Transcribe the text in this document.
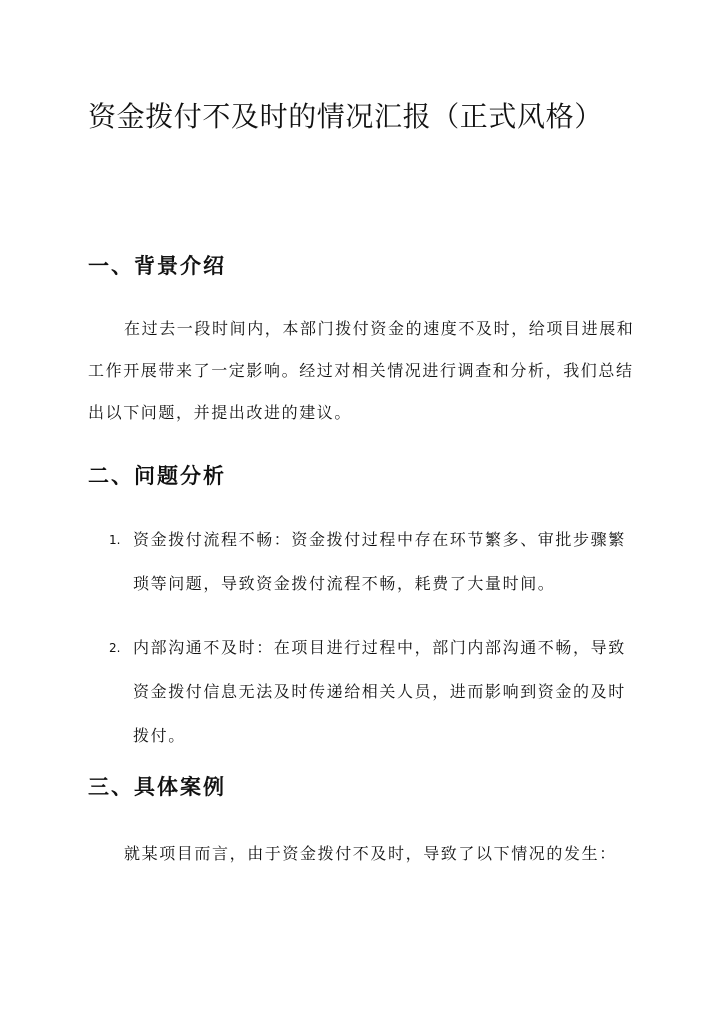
资金拨付不及时的情况汇报（正式风格）
一、背景介绍

在过去一段时间内，本部门拨付资金的速度不及时，给项目进展和工作开展带来了一定影响。经过对相关情况进行调查和分析，我们总结出以下问题，并提出改进的建议。

二、问题分析
1. 资金拨付流程不畅：资金拨付过程中存在环节繁多、审批步骤繁琐等问题，导致资金拨付流程不畅，耗费了大量时间。
2. 内部沟通不及时：在项目进行过程中，部门内部沟通不畅，导致资金拨付信息无法及时传递给相关人员，进而影响到资金的及时拨付。
三、具体案例

就某项目而言，由于资金拨付不及时，导致了以下情况的发生：
